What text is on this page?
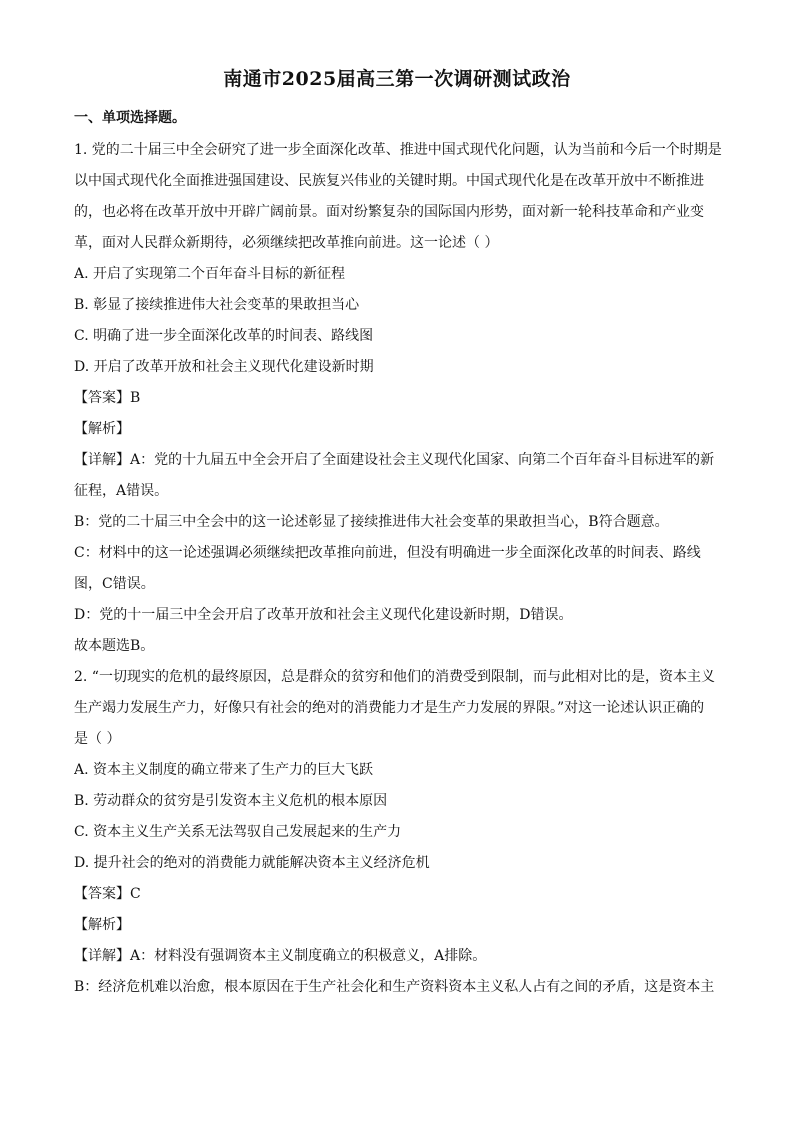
南通市2025届高三第一次调研测试政治
一、单项选择题。
1. 党的二十届三中全会研究了进一步全面深化改革、推进中国式现代化问题，认为当前和今后一个时期是
以中国式现代化全面推进强国建设、民族复兴伟业的关键时期。中国式现代化是在改革开放中不断推进
的，也必将在改革开放中开辟广阔前景。面对纷繁复杂的国际国内形势，面对新一轮科技革命和产业变
革，面对人民群众新期待，必须继续把改革推向前进。这一论述（ ）
A. 开启了实现第二个百年奋斗目标的新征程
B. 彰显了接续推进伟大社会变革的果敢担当心
C. 明确了进一步全面深化改革的时间表、路线图
D. 开启了改革开放和社会主义现代化建设新时期
【答案】B
【解析】
【详解】A：党的十九届五中全会开启了全面建设社会主义现代化国家、向第二个百年奋斗目标进军的新
征程，A错误。
B：党的二十届三中全会中的这一论述彰显了接续推进伟大社会变革的果敢担当心，B符合题意。
C：材料中的这一论述强调必须继续把改革推向前进，但没有明确进一步全面深化改革的时间表、路线
图，C错误。
D：党的十一届三中全会开启了改革开放和社会主义现代化建设新时期，D错误。
故本题选B。
2. “一切现实的危机的最终原因，总是群众的贫穷和他们的消费受到限制，而与此相对比的是，资本主义
生产竭力发展生产力，好像只有社会的绝对的消费能力才是生产力发展的界限。”对这一论述认识正确的
是（ ）
A. 资本主义制度的确立带来了生产力的巨大飞跃
B. 劳动群众的贫穷是引发资本主义危机的根本原因
C. 资本主义生产关系无法驾驭自己发展起来的生产力
D. 提升社会的绝对的消费能力就能解决资本主义经济危机
【答案】C
【解析】
【详解】A：材料没有强调资本主义制度确立的积极意义，A排除。
B：经济危机难以治愈，根本原因在于生产社会化和生产资料资本主义私人占有之间的矛盾，这是资本主
